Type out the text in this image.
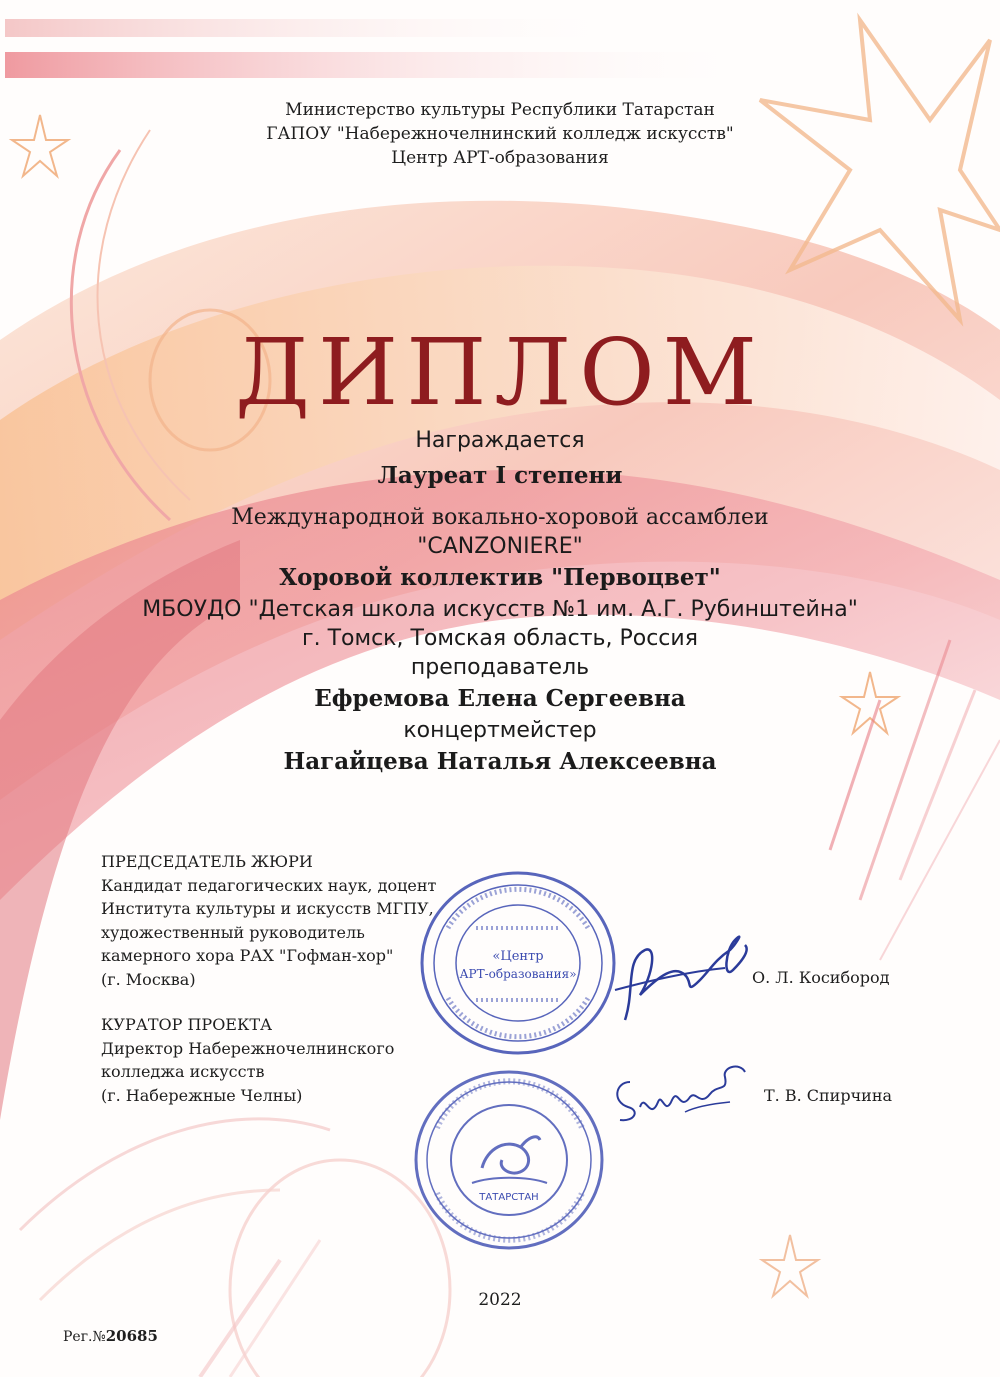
Министерство культуры Республики Татарстан
ГАПОУ "Набережночелнинский колледж искусств"
Центр АРТ-образования
ДИПЛОМ
Награждается
Лауреат I степени
Международной вокально-хоровой ассамблеи
"CANZONIERE"
Хоровой коллектив "Первоцвет"
МБОУДО "Детская школа искусств №1 им. А.Г. Рубинштейна"
г. Томск, Томская область, Россия
преподаватель
Ефремова Елена Сергеевна
концертмейстер
Нагайцева Наталья Алексеевна
ПРЕДСЕДАТЕЛЬ ЖЮРИ
Кандидат педагогических наук, доцент
Института культуры и искусств МГПУ,
художественный руководитель
камерного хора РАХ "Гофман-хор"
(г. Москва)
КУРАТОР ПРОЕКТА
Директор Набережночелнинского
колледжа искусств
(г. Набережные Челны)
«Центр
АРТ-образования»	О. Л. Косибород
ТАТАРСТАН
Т. В. Спирчина
2022
Рег.№20685
